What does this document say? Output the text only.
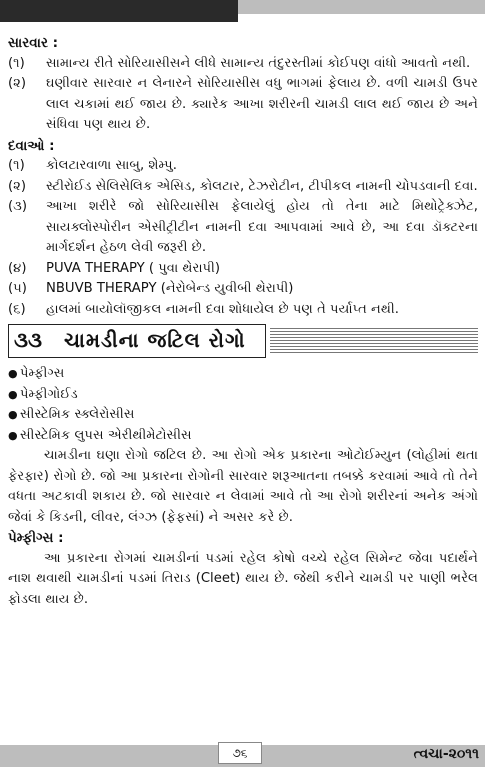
સારવાર :
(૧)	સામાન્ય રીતે સોરિયાસીસને લીધે સામાન્ય તંદુરસ્તીમાં કોઈપણ વાંધો આવતો નથી.
(૨)	ઘણીવાર સારવાર ન લેનારને સોરિયાસીસ વધુ ભાગમાં ફેલાય છે. વળી ચામડી ઉપર લાલ ચકામાં થઈ જાય છે. ક્યારેક આખા શરીરની ચામડી લાલ થઈ જાય છે અને સંધિવા પણ થાય છે.
દવાઓ :
(૧)	કોલટારવાળા સાબુ, શેમ્પુ.
(૨)	સ્ટીરોઈડ સેલિસેલિક એસિડ, કોલટાર, ટેઝરોટીન, ટીપીકલ નામની ચોપડવાની દવા.
(૩)	આખા શરીરે જો સોરિયાસીસ ફેલાયેલું હોય તો તેના માટે મિથોટ્રેક્ઝેટ, સાયક્લોસ્પોરીન એસીટ્રીટીન નામની દવા આપવામાં આવે છે, આ દવા ડૉક્ટરના માર્ગદર્શન હેઠળ લેવી જરૂરી છે.
(૪)	PUVA THERAPY ( પુવા થેરાપી)
(૫)	NBUVB THERAPY (નેરોબેન્ડ યુવીબી થેરાપી)
(૬)	હાલમાં બાયોલૉજીકલ નામની દવા શોધાયેલ છે પણ તે પર્યાપ્ત નથી.
૩૩ ચામડીના જટિલ રોગો
● પેમ્ફીગ્સ
● પેમ્ફીગોઈડ
● સીસ્ટેમિક સ્ક્લેરોસીસ
● સીસ્ટેમિક લુપસ એરીથીમેટોસીસ
ચામડીના ઘણા રોગો જટિલ છે. આ રોગો એક પ્રકારના ઓટોઈમ્યુન (લોહીમાં થતા ફેરફાર) રોગો છે. જો આ પ્રકારના રોગોની સારવાર શરૂઆતના તબક્કે કરવામાં આવે તો તેને વધતા અટકાવી શકાય છે. જો સારવાર ન લેવામાં આવે તો આ રોગો શરીરનાં અનેક અંગો જેવાં કે કિડની, લીવર, લંગ્ઝ (ફેફસાં) ને અસર કરે છે.
પેમ્ફીગ્સ :
આ પ્રકારના રોગમાં ચામડીનાં પડમાં રહેલ કોષો વચ્ચે રહેલ સિમેન્ટ જેવા પદાર્થને નાશ થવાથી ચામડીનાં પડમાં તિરાડ (Cleet) થાય છે. જેથી કરીને ચામડી પર પાણી ભરેલ ફોડલા થાય છે.
૭૬	ત્વચા-૨૦૧૧
